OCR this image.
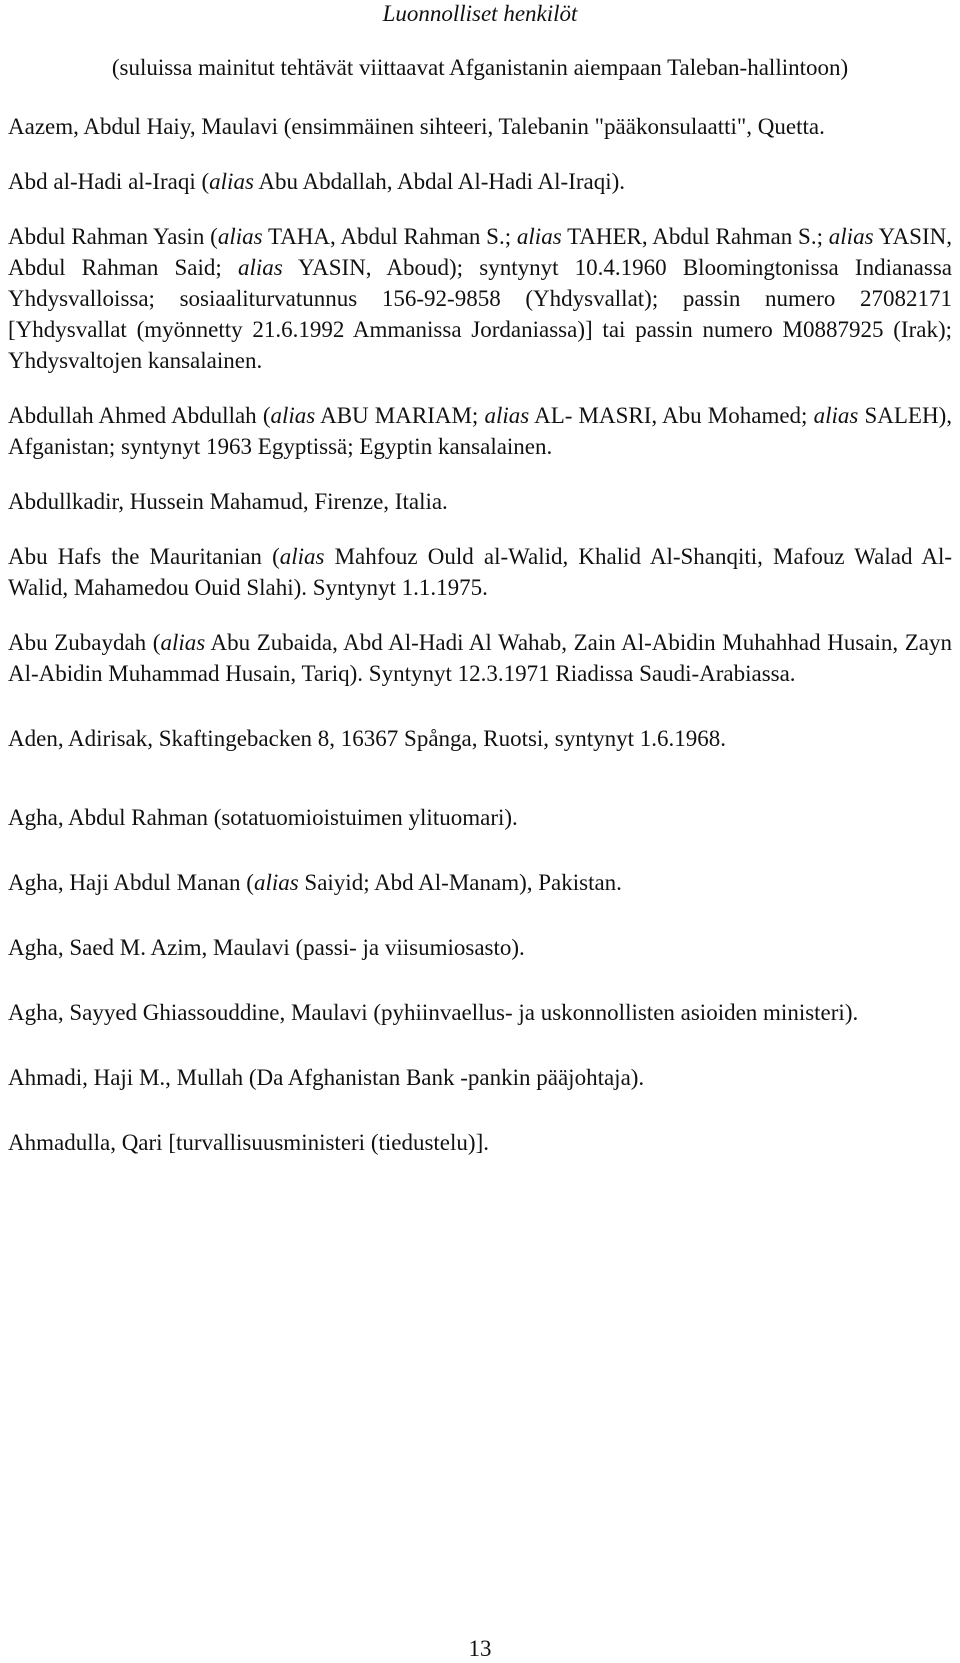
Luonnolliset henkilöt

(suluissa mainitut tehtävät viittaavat Afganistanin aiempaan Taleban-hallintoon)

Aazem, Abdul Haiy, Maulavi (ensimmäinen sihteeri, Talebanin "pääkonsulaatti", Quetta.

Abd al-Hadi al-Iraqi (alias Abu Abdallah, Abdal Al-Hadi Al-Iraqi).

Abdul Rahman Yasin (alias TAHA, Abdul Rahman S.; alias TAHER, Abdul Rahman S.; alias YASIN, Abdul Rahman Said; alias YASIN, Aboud); syntynyt 10.4.1960 Bloomingtonissa Indianassa Yhdysvalloissa; sosiaaliturvatunnus 156-92-9858 (Yhdysvallat); passin numero 27082171 [Yhdysvallat (myönnetty 21.6.1992 Ammanissa Jordaniassa)] tai passin numero M0887925 (Irak); Yhdysvaltojen kansalainen.

Abdullah Ahmed Abdullah (alias ABU MARIAM; alias AL- MASRI, Abu Mohamed; alias SALEH), Afganistan; syntynyt 1963 Egyptissä; Egyptin kansalainen.

Abdullkadir, Hussein Mahamud, Firenze, Italia.

Abu Hafs the Mauritanian (alias Mahfouz Ould al-Walid, Khalid Al-Shanqiti, Mafouz Walad Al-Walid, Mahamedou Ouid Slahi). Syntynyt 1.1.1975.

Abu Zubaydah (alias Abu Zubaida, Abd Al-Hadi Al Wahab, Zain Al-Abidin Muhahhad Husain, Zayn Al-Abidin Muhammad Husain, Tariq). Syntynyt 12.3.1971 Riadissa Saudi-Arabiassa.

Aden, Adirisak, Skaftingebacken 8, 16367 Spånga, Ruotsi, syntynyt 1.6.1968.

Agha, Abdul Rahman (sotatuomioistuimen ylituomari).

Agha, Haji Abdul Manan (alias Saiyid; Abd Al-Manam), Pakistan.

Agha, Saed M. Azim, Maulavi (passi- ja viisumiosasto).

Agha, Sayyed Ghiassouddine, Maulavi (pyhiinvaellus- ja uskonnollisten asioiden ministeri).

Ahmadi, Haji M., Mullah (Da Afghanistan Bank -pankin pääjohtaja).

Ahmadulla, Qari [turvallisuusministeri (tiedustelu)].

13
